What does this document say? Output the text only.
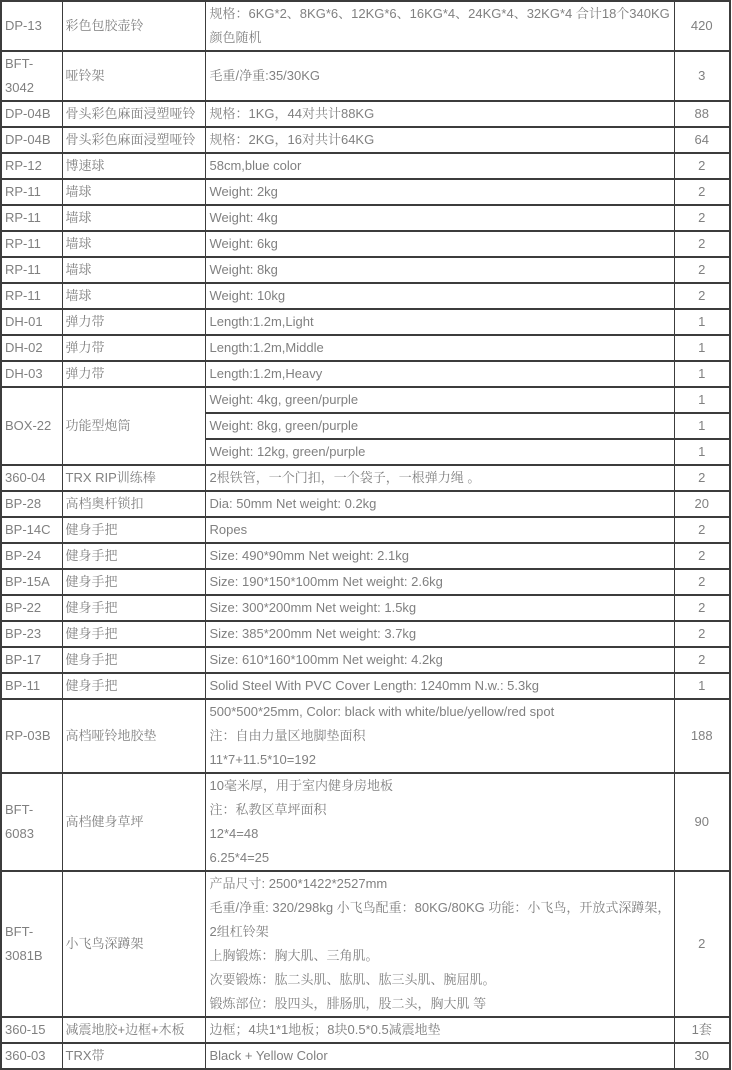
DP-13	彩色包胶壶铃	规格：6KG*2、8KG*6、12KG*6、16KG*4、24KG*4、32KG*4 合计18个340KG 颜色随机	420

BFT-3042	哑铃架	毛重/净重:35/30KG	3

DP-04B	骨头彩色麻面浸塑哑铃	规格：1KG，44对共计88KG	88

DP-04B	骨头彩色麻面浸塑哑铃	规格：2KG，16对共计64KG	64

RP-12	博速球	58cm,blue color	2

RP-11	墙球	Weight: 2kg	2

RP-11	墙球	Weight: 4kg	2

RP-11	墙球	Weight: 6kg	2

RP-11	墙球	Weight: 8kg	2

RP-11	墙球	Weight: 10kg	2

DH-01	弹力带	Length:1.2m,Light	1

DH-02	弹力带	Length:1.2m,Middle	1

DH-03	弹力带	Length:1.2m,Heavy	1

BOX-22	功能型炮筒	Weight: 4kg, green/purple	1

		Weight: 8kg, green/purple	1

		Weight: 12kg, green/purple	1

360-04	TRX RIP训练棒	2根铁管，一个门扣，一个袋子，一根弹力绳 。	2

BP-28	高档奥杆锁扣	Dia: 50mm Net weight: 0.2kg	20

BP-14C	健身手把	Ropes	2

BP-24	健身手把	Size: 490*90mm Net weight: 2.1kg	2

BP-15A	健身手把	Size: 190*150*100mm Net weight: 2.6kg	2

BP-22	健身手把	Size: 300*200mm Net weight: 1.5kg	2

BP-23	健身手把	Size: 385*200mm Net weight: 3.7kg	2

BP-17	健身手把	Size: 610*160*100mm Net weight: 4.2kg	2

BP-11	健身手把	Solid Steel With PVC Cover Length: 1240mm N.w.: 5.3kg	1

RP-03B	高档哑铃地胶垫	500*500*25mm, Color: black with white/blue/yellow/red spot
注：自由力量区地脚垫面积
11*7+11.5*10=192	188

BFT-6083	高档健身草坪	10毫米厚，用于室内健身房地板
注：私教区草坪面积
12*4=48
6.25*4=25	90

BFT-3081B	小飞鸟深蹲架	产品尺寸: 2500*1422*2527mm
毛重/净重: 320/298kg 小飞鸟配重：80KG/80KG 功能：小飞鸟，开放式深蹲架，2组杠铃架
上胸锻炼：胸大肌、三角肌。
次要锻炼：肱二头肌、肱肌、肱三头肌、腕屈肌。
锻炼部位：股四头，腓肠肌，股二头，胸大肌 等	2

360-15	减震地胶+边框+木板	边框；4块1*1地板；8块0.5*0.5减震地垫	1套

360-03	TRX带	Black + Yellow Color	30
